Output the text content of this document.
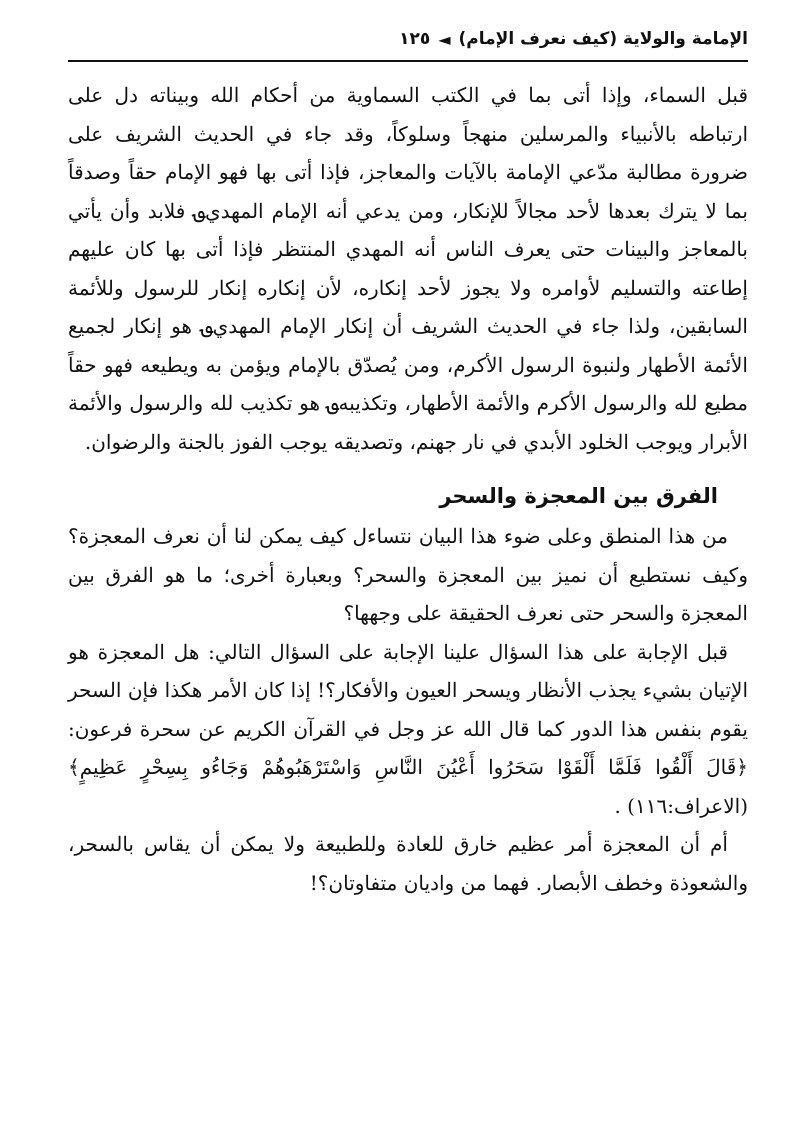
الإمامة والولاية (كيف نعرف الإمام)
◄
١٢٥

قبل السماء، وإذا أتى بما في الكتب السماوية من أحكام الله وبيناته دل على ارتباطه بالأنبياء والمرسلين منهجاً وسلوكاً، وقد جاء في الحديث الشريف على ضرورة مطالبة مدّعي الإمامة بالآيات والمعاجز، فإذا أتى بها فهو الإمام حقاً وصدقاً بما لا يترك بعدها لأحد مجالاً للإنكار، ومن يدعي أنه الإمام المهدي؈ فلابد وأن يأتي بالمعاجز والبينات حتى يعرف الناس أنه المهدي المنتظر فإذا أتى بها كان عليهم إطاعته والتسليم لأوامره ولا يجوز لأحد إنكاره، لأن إنكاره إنكار للرسول وللأئمة السابقين، ولذا جاء في الحديث الشريف أن إنكار الإمام المهدي؈ هو إنكار لجميع الأئمة الأطهار ولنبوة الرسول الأكرم، ومن يُصدّق بالإمام ويؤمن به ويطيعه فهو حقاً مطيع لله والرسول الأكرم والأئمة الأطهار، وتكذيبه؈ هو تكذيب لله والرسول والأئمة الأبرار ويوجب الخلود الأبدي في نار جهنم، وتصديقه يوجب الفوز بالجنة والرضوان.

الفرق بين المعجزة والسحر

من هذا المنطق وعلى ضوء هذا البيان نتساءل كيف يمكن لنا أن نعرف المعجزة؟ وكيف نستطيع أن نميز بين المعجزة والسحر؟ وبعبارة أخرى؛ ما هو الفرق بين المعجزة والسحر حتى نعرف الحقيقة على وجهها؟

قبل الإجابة على هذا السؤال علينا الإجابة على السؤال التالي: هل المعجزة هو الإتيان بشيء يجذب الأنظار ويسحر العيون والأفكار؟! إذا كان الأمر هكذا فإن السحر يقوم بنفس هذا الدور كما قال الله عز وجل في القرآن الكريم عن سحرة فرعون: ﴿قَالَ أَلْقُوا فَلَمَّا أَلْقَوْا سَحَرُوا أَعْيُنَ النَّاسِ وَاسْتَرْهَبُوهُمْ وَجَاءُو بِسِحْرٍ عَظِيمٍ﴾ (الاعراف:١١٦) .

أم أن المعجزة أمر عظيم خارق للعادة وللطبيعة ولا يمكن أن يقاس بالسحر، والشعوذة وخطف الأبصار. فهما من واديان متفاوتان؟!
